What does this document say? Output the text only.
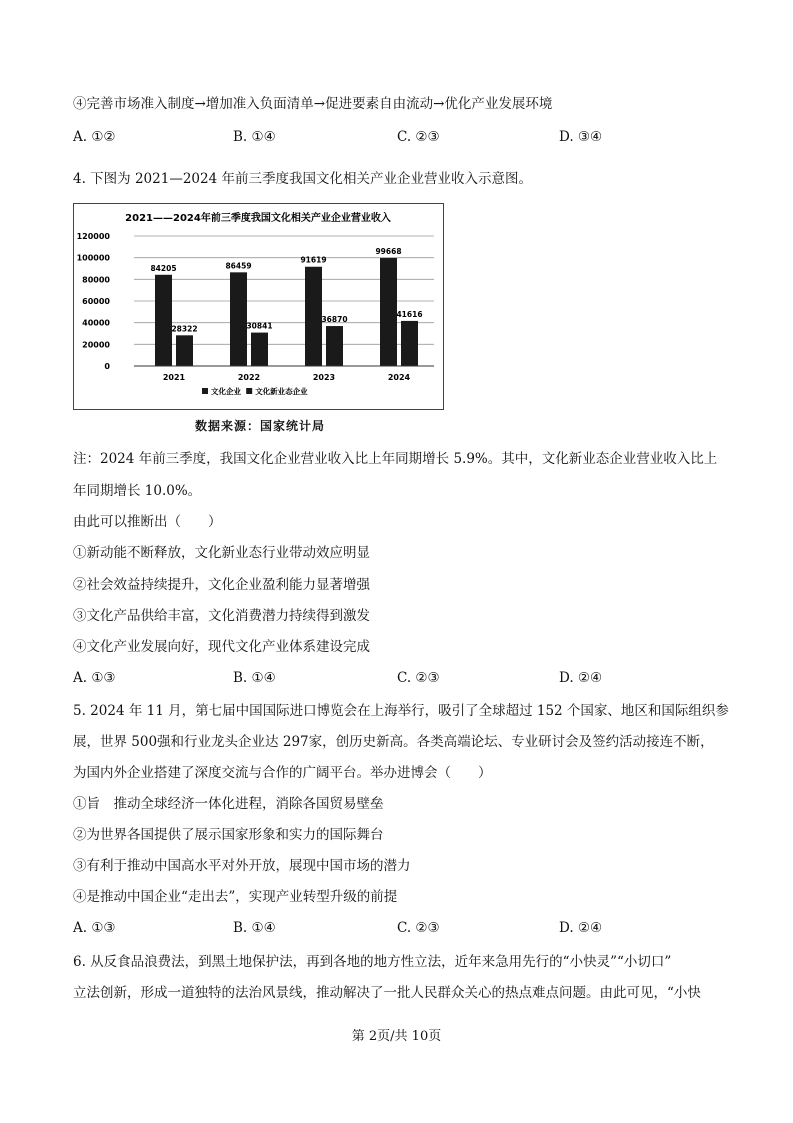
④完善市场准入制度→增加准入负面清单→促进要素自由流动→优化产业发展环境
A. ①②	B. ①④	C. ②③	D. ③④
4. 下图为 2021—2024 年前三季度我国文化相关产业企业营业收入示意图。
2021——2024年前三季度我国文化相关产业企业营业收入
84205
28322
86459
30841
91619
36870
99668
41616
0
20000
40000
60000
80000
100000
120000
2021	2022	2023	2024
文化企业 文化新业态企业
数据来源：国家统计局
注：2024 年前三季度，我国文化企业营业收入比上年同期增长 5.9%。其中，文化新业态企业营业收入比上
年同期增长 10.0%。
由此可以推断出（　　）
①新动能不断释放，文化新业态行业带动效应明显
②社会效益持续提升，文化企业盈利能力显著增强
③文化产品供给丰富，文化消费潜力持续得到激发
④文化产业发展向好，现代文化产业体系建设完成
A. ①③	B. ①④	C. ②③	D. ②④
5. 2024 年 11 月，第七届中国国际进口博览会在上海举行，吸引了全球超过 152 个国家、地区和国际组织参
展，世界 500强和行业龙头企业达 297家，创历史新高。各类高端论坛、专业研讨会及签约活动接连不断，
为国内外企业搭建了深度交流与合作的广阔平台。举办进博会（　　）
①旨　推动全球经济一体化进程，消除各国贸易壁垒
②为世界各国提供了展示国家形象和实力的国际舞台
③有利于推动中国高水平对外开放，展现中国市场的潜力
④是推动中国企业“走出去”，实现产业转型升级的前提
A. ①③	B. ①④	C. ②③	D. ②④
6. 从反食品浪费法，到黑土地保护法，再到各地的地方性立法，近年来急用先行的“小快灵”“小切口”
立法创新，形成一道独特的法治风景线，推动解决了一批人民群众关心的热点难点问题。由此可见，“小快
第 2页/共 10页
